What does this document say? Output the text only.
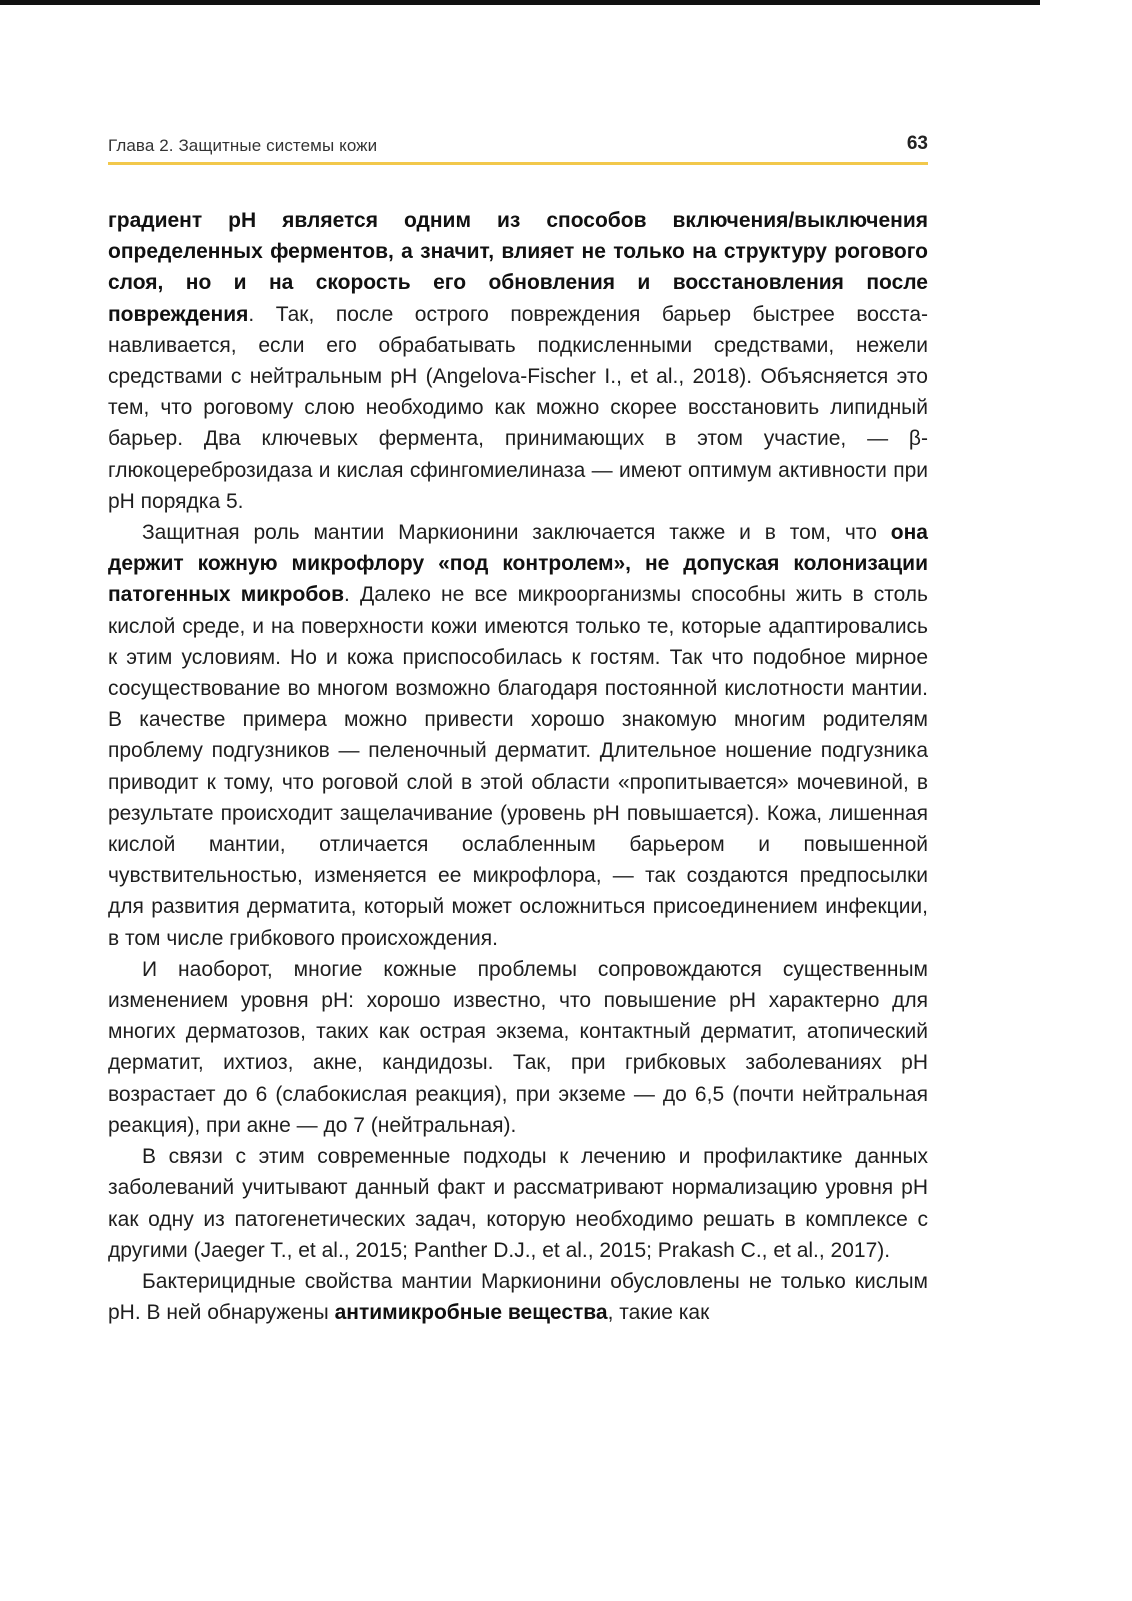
Глава 2. Защитные системы кожи	63

градиент pH является одним из способов включения/выключения определенных ферментов, а значит, влияет не только на структуру рогового слоя, но и на скорость его обновления и восстановления после повреждения. Так, после острого повреждения барьер быстрее восстанавливается, если его обрабатывать подкисленными средствами, нежели средствами с нейтральным pH (Angelova-Fischer I., et al., 2018). Объясняется это тем, что роговому слою необходимо как можно скорее восстановить липидный барьер. Два ключевых фермента, принимающих в этом участие, — β-глюкоцереброзидаза и кислая сфингомиелиназа — имеют оптимум активности при pH порядка 5.

Защитная роль мантии Маркионини заключается также и в том, что она держит кожную микрофлору «под контролем», не допуская колонизации патогенных микробов. Далеко не все микроорганизмы способны жить в столь кислой среде, и на поверхности кожи имеются только те, которые адаптировались к этим условиям. Но и кожа приспособилась к гостям. Так что подобное мирное сосуществование во многом возможно благодаря постоянной кислотности мантии. В качестве примера можно привести хорошо знакомую многим родителям проблему подгузников — пеленочный дерматит. Длительное ношение подгузника приводит к тому, что роговой слой в этой области «пропитывается» мочевиной, в результате происходит защелачивание (уровень pH повышается). Кожа, лишенная кислой мантии, отличается ослабленным барьером и повышенной чувствительностью, изменяется ее микрофлора, — так создаются предпосылки для развития дерматита, который может осложниться присоединением инфекции, в том числе грибкового происхождения.

И наоборот, многие кожные проблемы сопровождаются существенным изменением уровня pH: хорошо известно, что повышение pH характерно для многих дерматозов, таких как острая экзема, контактный дерматит, атопический дерматит, ихтиоз, акне, кандидозы. Так, при грибковых заболеваниях pH возрастает до 6 (слабокислая реакция), при экземе — до 6,5 (почти нейтральная реакция), при акне — до 7 (нейтральная).

В связи с этим современные подходы к лечению и профилактике данных заболеваний учитывают данный факт и рассматривают нормализацию уровня pH как одну из патогенетических задач, которую необходимо решать в комплексе с другими (Jaeger T., et al., 2015; Panther D.J., et al., 2015; Prakash C., et al., 2017).

Бактерицидные свойства мантии Маркионини обусловлены не только кислым pH. В ней обнаружены антимикробные вещества, такие как
